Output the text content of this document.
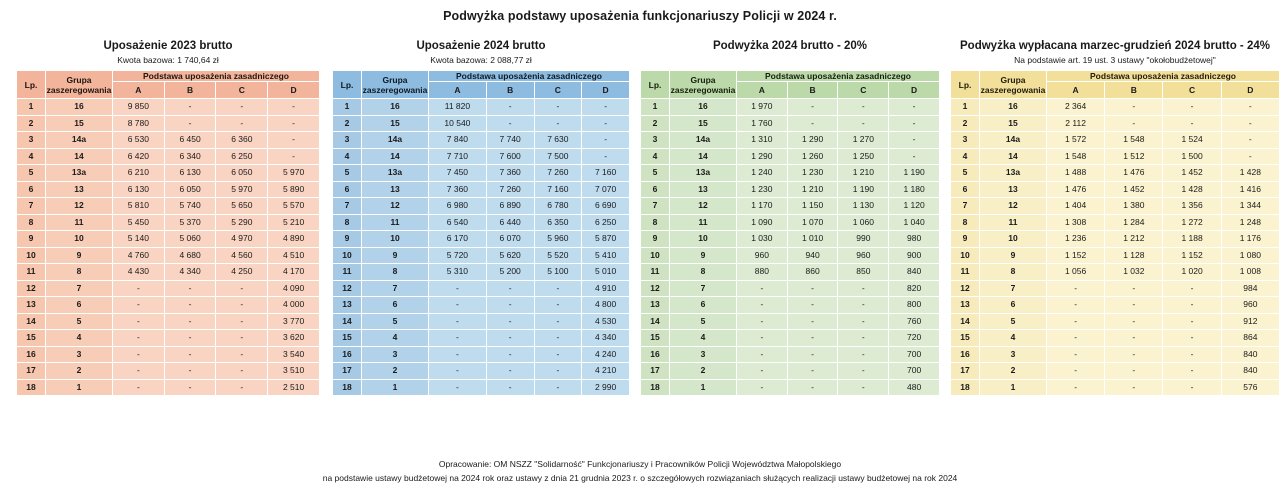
Podwyżka podstawy uposażenia funkcjonariuszy Policji w 2024 r.
Uposażenie 2023 brutto
Kwota bazowa: 1 740,64 zł
Lp.	Grupa
zaszeregowania	Podstawa uposażenia zasadniczego			
		A	B	C	D
1	16	9 850	-	-	-
2	15	8 780	-	-	-
3	14a	6 530	6 450	6 360	-
4	14	6 420	6 340	6 250	-
5	13a	6 210	6 130	6 050	5 970
6	13	6 130	6 050	5 970	5 890
7	12	5 810	5 740	5 650	5 570
8	11	5 450	5 370	5 290	5 210
9	10	5 140	5 060	4 970	4 890
10	9	4 760	4 680	4 560	4 510
11	8	4 430	4 340	4 250	4 170
12	7	-	-	-	4 090
13	6	-	-	-	4 000
14	5	-	-	-	3 770
15	4	-	-	-	3 620
16	3	-	-	-	3 540
17	2	-	-	-	3 510
18	1	-	-	-	2 510
Uposażenie 2024 brutto
Kwota bazowa: 2 088,77 zł
Lp.	Grupa
zaszeregowania	Podstawa uposażenia zasadniczego			
		A	B	C	D
1	16	11 820	-	-	-
2	15	10 540	-	-	-
3	14a	7 840	7 740	7 630	-
4	14	7 710	7 600	7 500	-
5	13a	7 450	7 360	7 260	7 160
6	13	7 360	7 260	7 160	7 070
7	12	6 980	6 890	6 780	6 690
8	11	6 540	6 440	6 350	6 250
9	10	6 170	6 070	5 960	5 870
10	9	5 720	5 620	5 520	5 410
11	8	5 310	5 200	5 100	5 010
12	7	-	-	-	4 910
13	6	-	-	-	4 800
14	5	-	-	-	4 530
15	4	-	-	-	4 340
16	3	-	-	-	4 240
17	2	-	-	-	4 210
18	1	-	-	-	2 990
Podwyżka 2024 brutto - 20%

Lp.	Grupa
zaszeregowania	Podstawa uposażenia zasadniczego			
		A	B	C	D
1	16	1 970	-	-	-
2	15	1 760	-	-	-
3	14a	1 310	1 290	1 270	-
4	14	1 290	1 260	1 250	-
5	13a	1 240	1 230	1 210	1 190
6	13	1 230	1 210	1 190	1 180
7	12	1 170	1 150	1 130	1 120
8	11	1 090	1 070	1 060	1 040
9	10	1 030	1 010	990	980
10	9	960	940	960	900
11	8	880	860	850	840
12	7	-	-	-	820
13	6	-	-	-	800
14	5	-	-	-	760
15	4	-	-	-	720
16	3	-	-	-	700
17	2	-	-	-	700
18	1	-	-	-	480
Podwyżka wypłacana marzec-grudzień 2024 brutto - 24%
Na podstawie art. 19 ust. 3 ustawy "okołobudżetowej"
Lp.	Grupa
zaszeregowania	Podstawa uposażenia zasadniczego			
		A	B	C	D
1	16	2 364	-	-	-
2	15	2 112	-	-	-
3	14a	1 572	1 548	1 524	-
4	14	1 548	1 512	1 500	-
5	13a	1 488	1 476	1 452	1 428
6	13	1 476	1 452	1 428	1 416
7	12	1 404	1 380	1 356	1 344
8	11	1 308	1 284	1 272	1 248
9	10	1 236	1 212	1 188	1 176
10	9	1 152	1 128	1 152	1 080
11	8	1 056	1 032	1 020	1 008
12	7	-	-	-	984
13	6	-	-	-	960
14	5	-	-	-	912
15	4	-	-	-	864
16	3	-	-	-	840
17	2	-	-	-	840
18	1	-	-	-	576
Opracowanie: OM NSZZ "Solidarność" Funkcjonariuszy i Pracowników Policji Województwa Małopolskiego
na podstawie ustawy budżetowej na 2024 rok oraz ustawy z dnia 21 grudnia 2023 r. o szczegółowych rozwiązaniach służących realizacji ustawy budżetowej na rok 2024
